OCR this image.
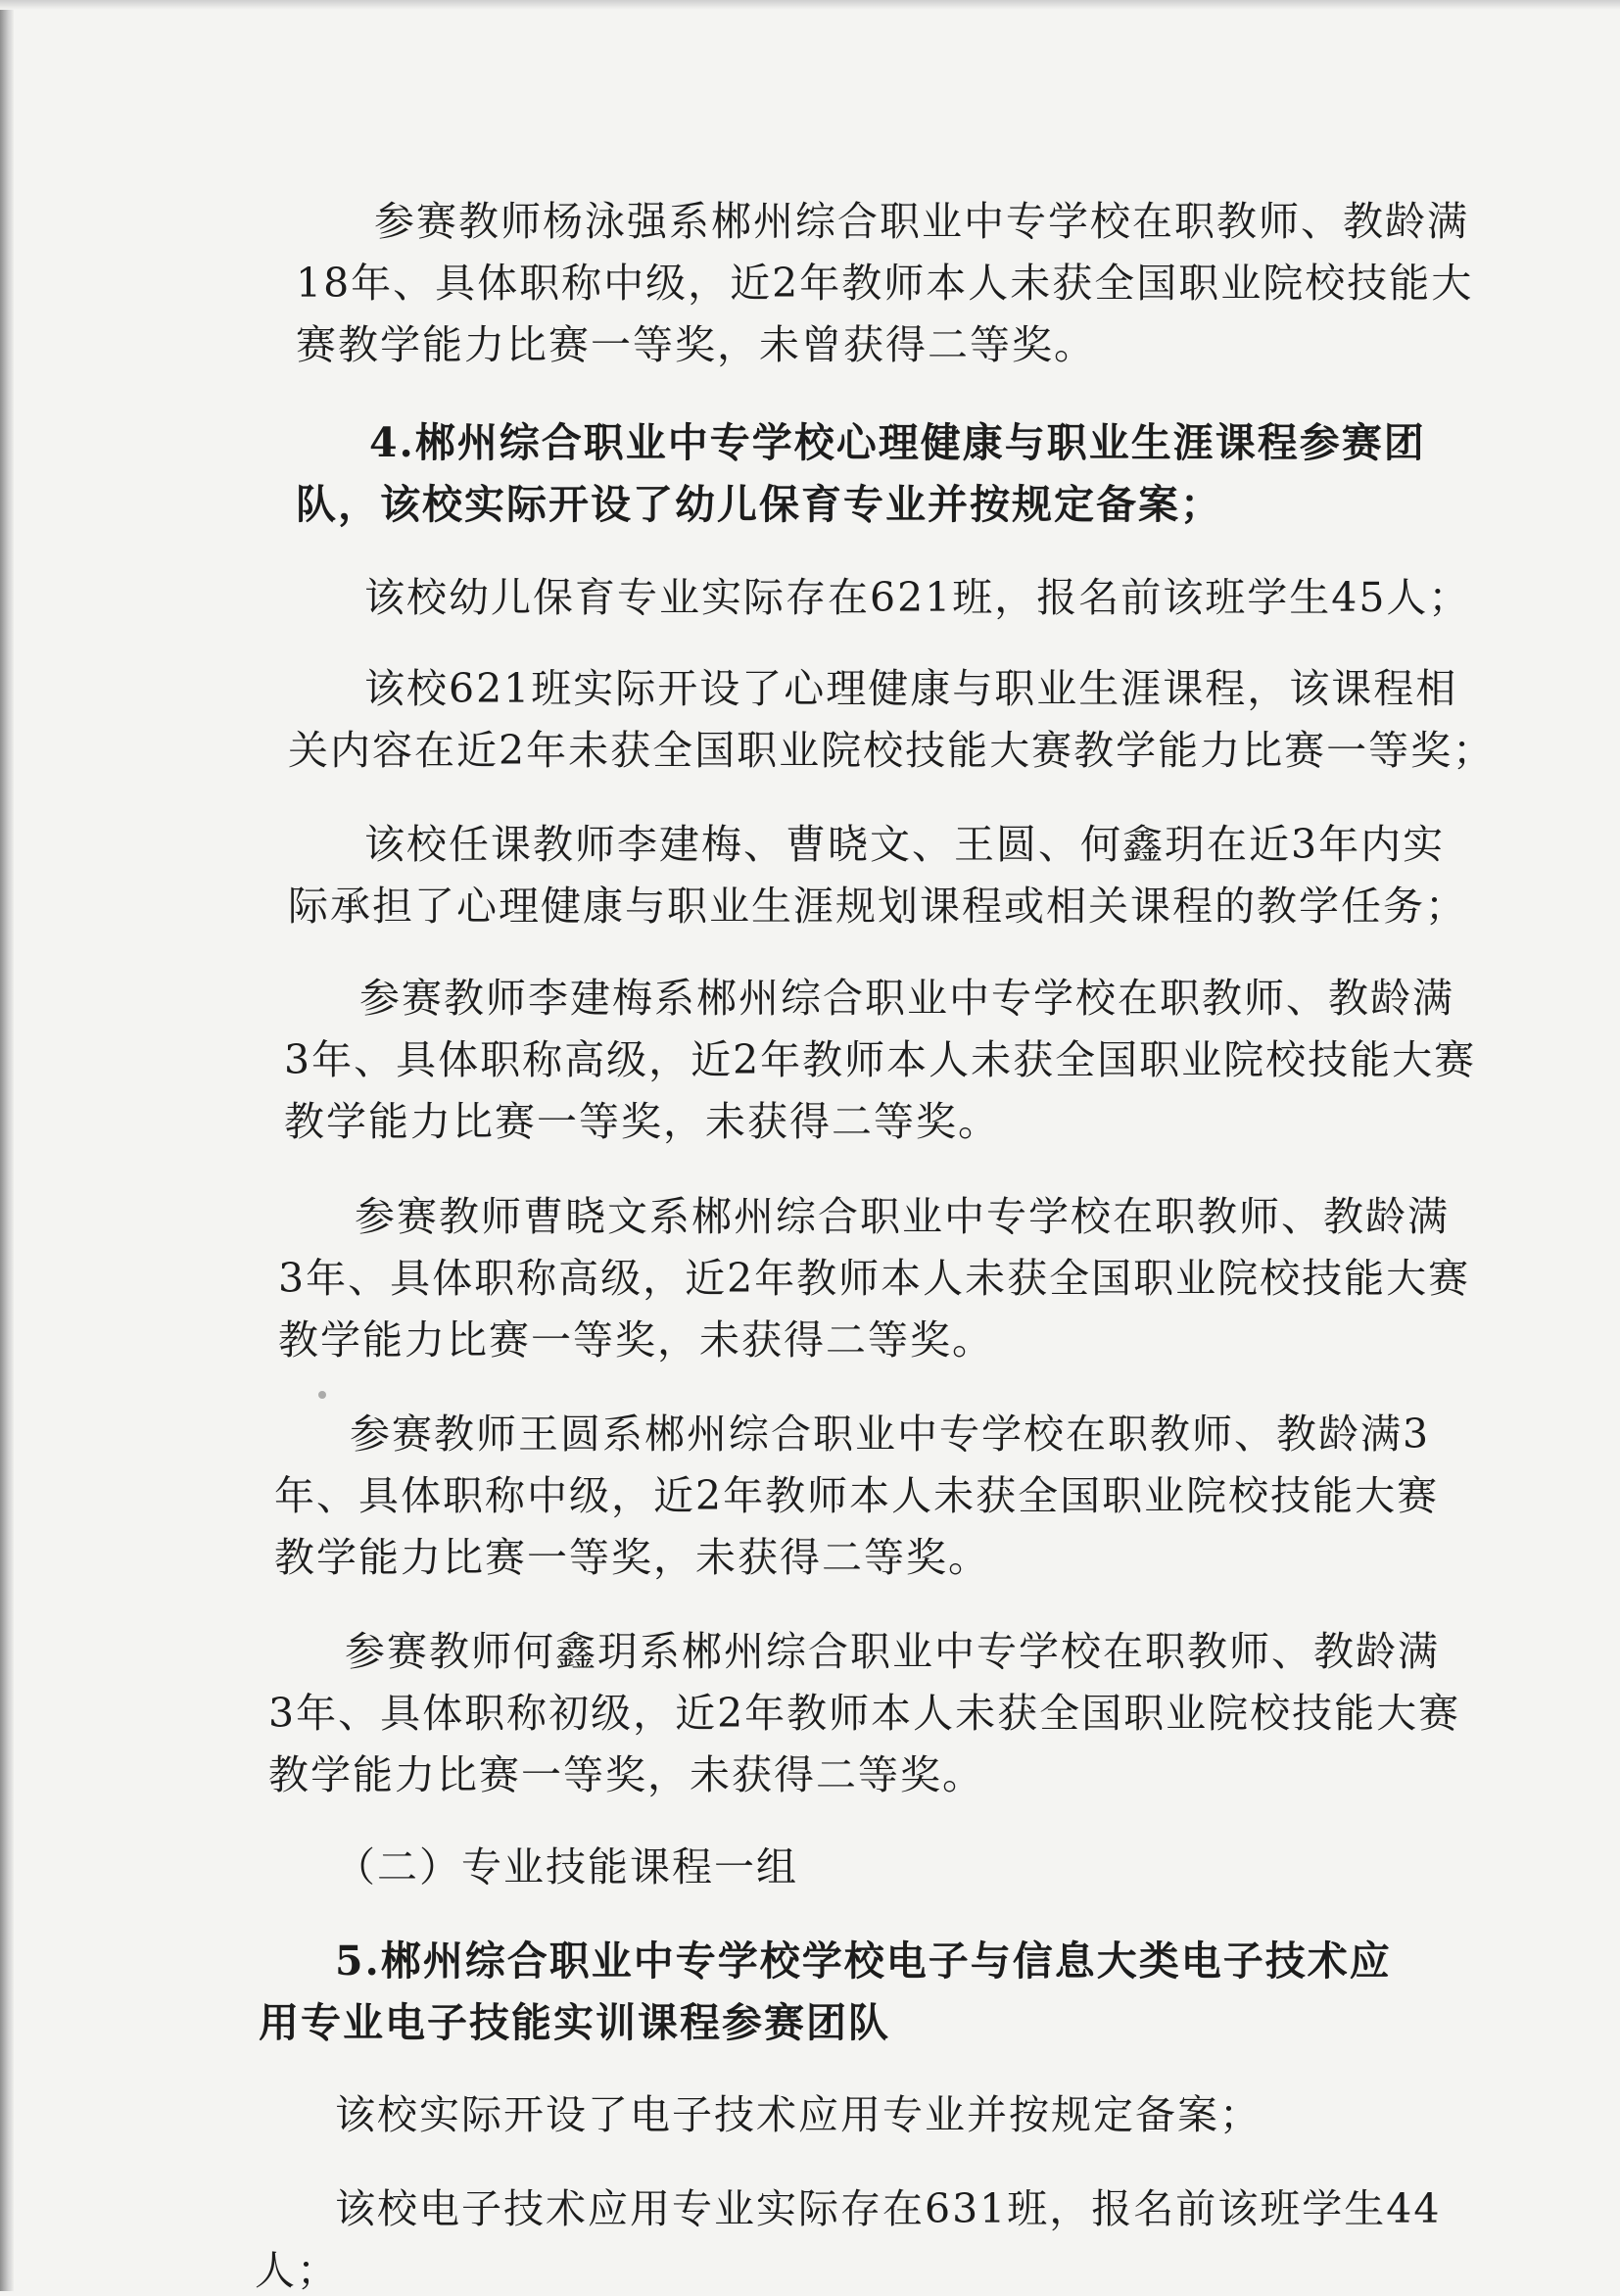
参赛教师杨泳强系郴州综合职业中专学校在职教师、教龄满
18年、具体职称中级，近2年教师本人未获全国职业院校技能大
赛教学能力比赛一等奖，未曾获得二等奖。
4.郴州综合职业中专学校心理健康与职业生涯课程参赛团
队，该校实际开设了幼儿保育专业并按规定备案；
该校幼儿保育专业实际存在621班，报名前该班学生45人；
该校621班实际开设了心理健康与职业生涯课程，该课程相
关内容在近2年未获全国职业院校技能大赛教学能力比赛一等奖；
该校任课教师李建梅、曹晓文、王圆、何鑫玥在近3年内实
际承担了心理健康与职业生涯规划课程或相关课程的教学任务；
参赛教师李建梅系郴州综合职业中专学校在职教师、教龄满
3年、具体职称高级，近2年教师本人未获全国职业院校技能大赛
教学能力比赛一等奖，未获得二等奖。
参赛教师曹晓文系郴州综合职业中专学校在职教师、教龄满
3年、具体职称高级，近2年教师本人未获全国职业院校技能大赛
教学能力比赛一等奖，未获得二等奖。
参赛教师王圆系郴州综合职业中专学校在职教师、教龄满3
年、具体职称中级，近2年教师本人未获全国职业院校技能大赛
教学能力比赛一等奖，未获得二等奖。
参赛教师何鑫玥系郴州综合职业中专学校在职教师、教龄满
3年、具体职称初级，近2年教师本人未获全国职业院校技能大赛
教学能力比赛一等奖，未获得二等奖。
（二）专业技能课程一组
5.郴州综合职业中专学校学校电子与信息大类电子技术应
用专业电子技能实训课程参赛团队
该校实际开设了电子技术应用专业并按规定备案；
该校电子技术应用专业实际存在631班，报名前该班学生44
人；
